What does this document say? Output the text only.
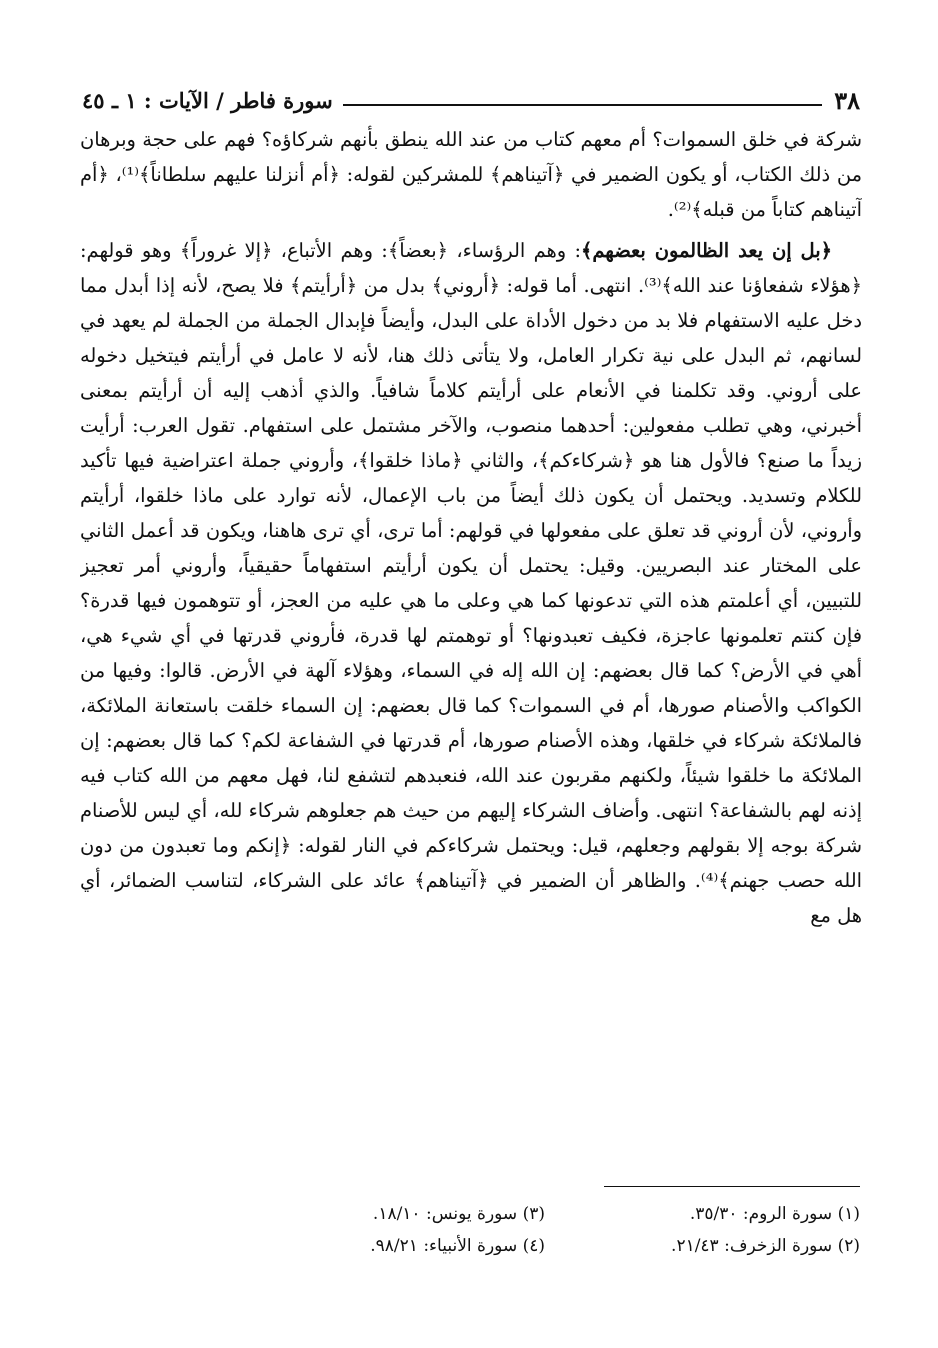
٣٨
سورة فاطر / الآيات : ١ ـ ٤٥

شركة في خلق السموات؟ أم معهم كتاب من عند الله ينطق بأنهم شركاؤه؟ فهم على حجة وبرهان من ذلك الكتاب، أو يكون الضمير في ﴿آتيناهم﴾ للمشركين لقوله: ﴿أم أنزلنا عليهم سلطاناً﴾⁽¹⁾، ﴿أم آتيناهم كتاباً من قبله﴾⁽²⁾.

﴿بل إن يعد الظالمون بعضهم﴾: وهم الرؤساء، ﴿بعضاً﴾: وهم الأتباع، ﴿إلا غروراً﴾ وهو قولهم: ﴿هؤلاء شفعاؤنا عند الله﴾⁽³⁾. انتهى. أما قوله: ﴿أروني﴾ بدل من ﴿أرأيتم﴾ فلا يصح، لأنه إذا أبدل مما دخل عليه الاستفهام فلا بد من دخول الأداة على البدل، وأيضاً فإبدال الجملة من الجملة لم يعهد في لسانهم، ثم البدل على نية تكرار العامل، ولا يتأتى ذلك هنا، لأنه لا عامل في أرأيتم فيتخيل دخوله على أروني. وقد تكلمنا في الأنعام على أرأيتم كلاماً شافياً. والذي أذهب إليه أن أرأيتم بمعنى أخبرني، وهي تطلب مفعولين: أحدهما منصوب، والآخر مشتمل على استفهام. تقول العرب: أرأيت زيداً ما صنع؟ فالأول هنا هو ﴿شركاءكم﴾، والثاني ﴿ماذا خلقوا﴾، وأروني جملة اعتراضية فيها تأكيد للكلام وتسديد. ويحتمل أن يكون ذلك أيضاً من باب الإعمال، لأنه توارد على ماذا خلقوا، أرأيتم وأروني، لأن أروني قد تعلق على مفعولها في قولهم: أما ترى، أي ترى هاهنا، ويكون قد أعمل الثاني على المختار عند البصريين. وقيل: يحتمل أن يكون أرأيتم استفهاماً حقيقياً، وأروني أمر تعجيز للتبيين، أي أعلمتم هذه التي تدعونها كما هي وعلى ما هي عليه من العجز، أو تتوهمون فيها قدرة؟ فإن كنتم تعلمونها عاجزة، فكيف تعبدونها؟ أو توهمتم لها قدرة، فأروني قدرتها في أي شيء هي، أهي في الأرض؟ كما قال بعضهم: إن الله إله في السماء، وهؤلاء آلهة في الأرض. قالوا: وفيها من الكواكب والأصنام صورها، أم في السموات؟ كما قال بعضهم: إن السماء خلقت باستعانة الملائكة، فالملائكة شركاء في خلقها، وهذه الأصنام صورها، أم قدرتها في الشفاعة لكم؟ كما قال بعضهم: إن الملائكة ما خلقوا شيئاً، ولكنهم مقربون عند الله، فنعبدهم لتشفع لنا، فهل معهم من الله كتاب فيه إذنه لهم بالشفاعة؟ انتهى. وأضاف الشركاء إليهم من حيث هم جعلوهم شركاء لله، أي ليس للأصنام شركة بوجه إلا بقولهم وجعلهم، قيل: ويحتمل شركاءكم في النار لقوله: ﴿إنكم وما تعبدون من دون الله حصب جهنم﴾⁽⁴⁾. والظاهر أن الضمير في ﴿آتيناهم﴾ عائد على الشركاء، لتناسب الضمائر، أي هل مع

(١) سورة الروم: ٣٥/٣٠.
(٣) سورة يونس: ١٨/١٠.
(٢) سورة الزخرف: ٢١/٤٣.
(٤) سورة الأنبياء: ٩٨/٢١.
